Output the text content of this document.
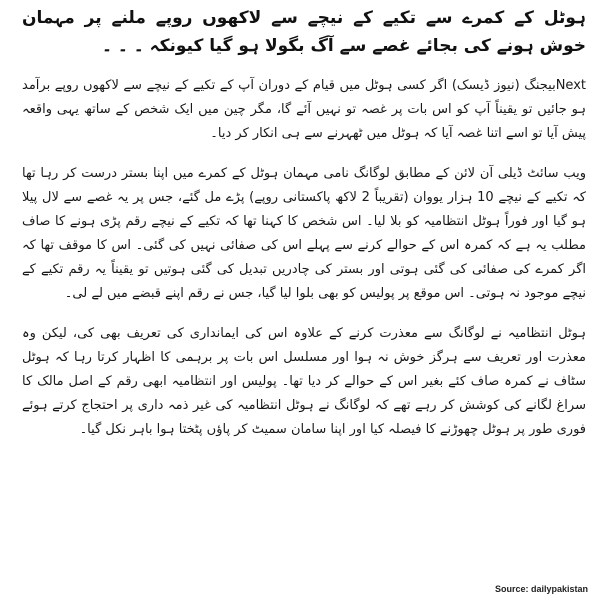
ہوٹل کے کمرے سے تکیے کے نیچے سے لاکھوں روپے ملنے پر مہمان خوش ہونے کی بجائے غصے سے آگ بگولا ہو گیا کیونکہ ۔ ۔ ۔

Nextبیجنگ (نیوز ڈیسک) اگر کسی ہوٹل میں قیام کے دوران آپ کے تکیے کے نیچے سے لاکھوں روپے برآمد ہو جائیں تو یقیناً آپ کو اس بات پر غصہ تو نہیں آئے گا، مگر چین میں ایک شخص کے ساتھ یہی واقعہ پیش آیا تو اسے اتنا غصہ آیا کہ ہوٹل میں ٹھہرنے سے ہی انکار کر دیا۔

ویب سائٹ ڈیلی آن لائن کے مطابق لوگانگ نامی مہمان ہوٹل کے کمرے میں اپنا بستر درست کر رہا تھا کہ تکیے کے نیچے 10 ہزار یووان (تقریباً 2 لاکھ پاکستانی روپے) پڑے مل گئے، جس پر یہ غصے سے لال پیلا ہو گیا اور فوراً ہوٹل انتظامیہ کو بلا لیا۔ اس شخص کا کہنا تھا کہ تکیے کے نیچے رقم پڑی ہونے کا صاف مطلب یہ ہے کہ کمرہ اس کے حوالے کرنے سے پہلے اس کی صفائی نہیں کی گئی۔ اس کا موقف تھا کہ اگر کمرے کی صفائی کی گئی ہوتی اور بستر کی چادریں تبدیل کی گئی ہوتیں تو یقیناً یہ رقم تکیے کے نیچے موجود نہ ہوتی۔ اس موقع پر پولیس کو بھی بلوا لیا گیا، جس نے رقم اپنے قبضے میں لے لی۔

ہوٹل انتظامیہ نے لوگانگ سے معذرت کرنے کے علاوہ اس کی ایمانداری کی تعریف بھی کی، لیکن وہ معذرت اور تعریف سے ہرگز خوش نہ ہوا اور مسلسل اس بات پر برہمی کا اظہار کرتا رہا کہ ہوٹل سٹاف نے کمرہ صاف کئے بغیر اس کے حوالے کر دیا تھا۔ پولیس اور انتظامیہ ابھی رقم کے اصل مالک کا سراغ لگانے کی کوشش کر رہے تھے کہ لوگانگ نے ہوٹل انتظامیہ کی غیر ذمہ داری پر احتجاج کرتے ہوئے فوری طور پر ہوٹل چھوڑنے کا فیصلہ کیا اور اپنا سامان سمیٹ کر پاؤں پٹختا ہوا باہر نکل گیا۔

Source: dailypakistan
